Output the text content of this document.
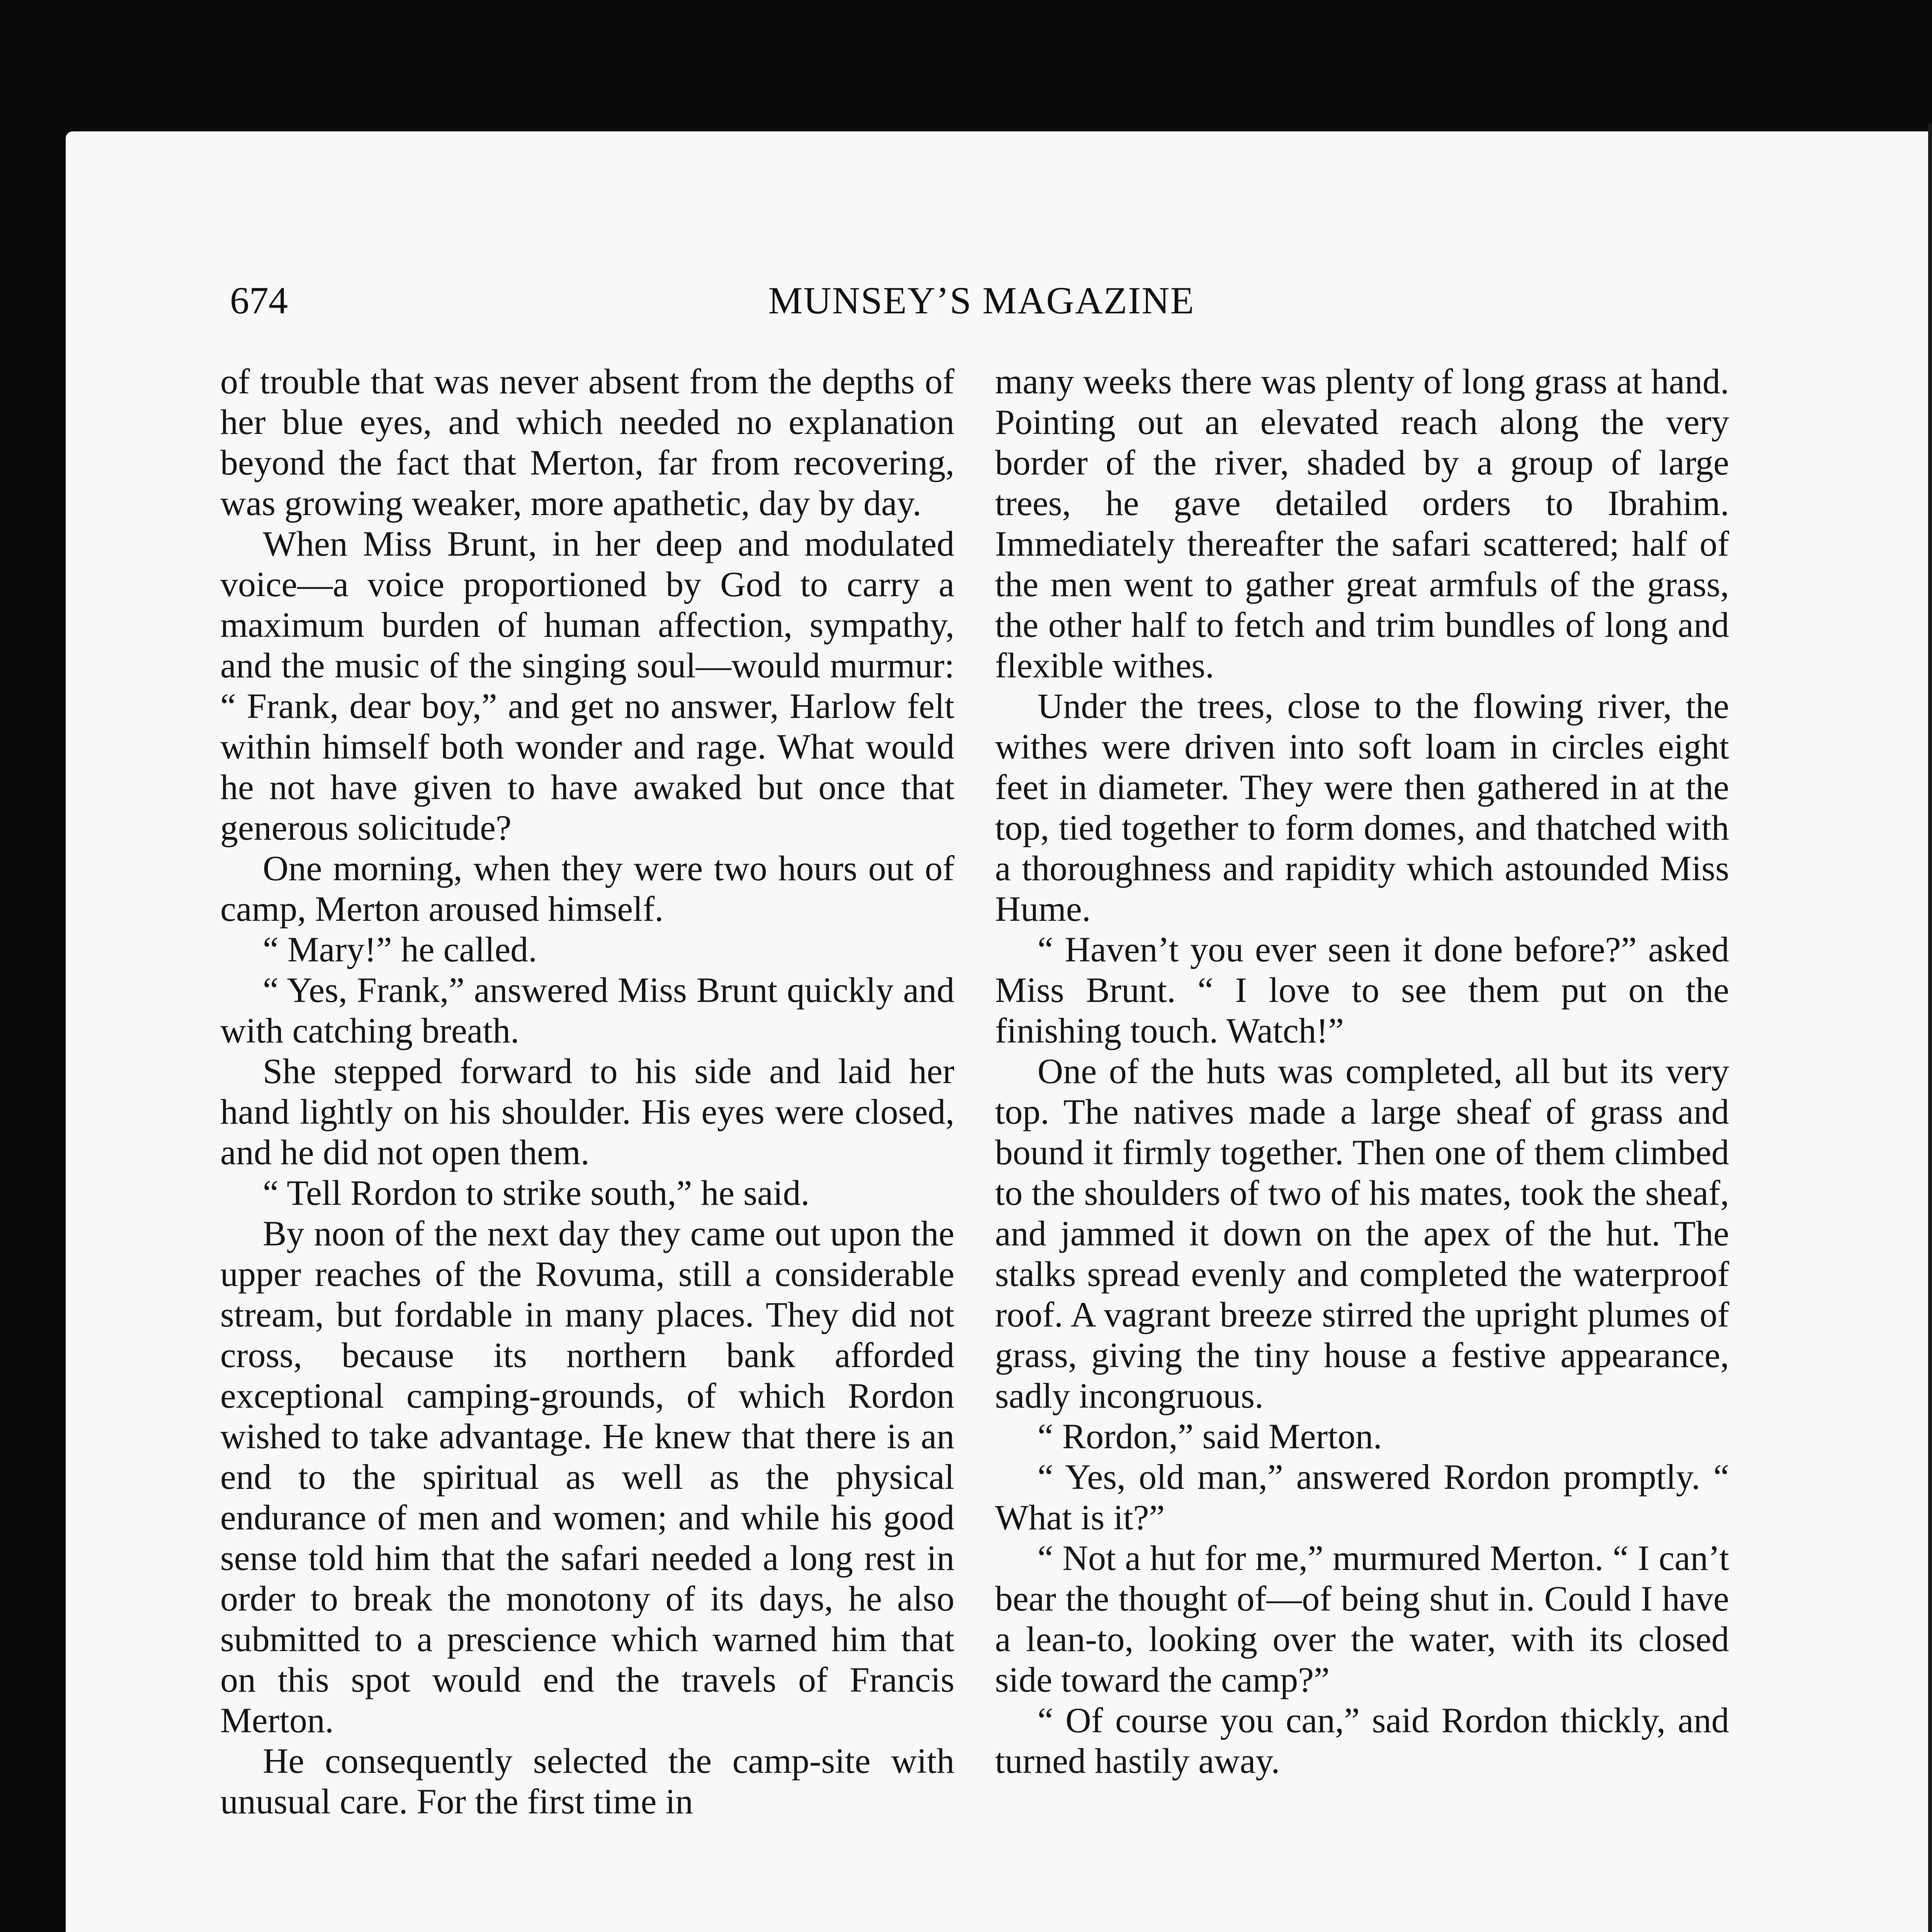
674	MUNSEY’S MAGAZINE

of trouble that was never absent from the depths of her blue eyes, and which needed no explanation beyond the fact that Merton, far from recovering, was growing weaker, more apathetic, day by day.

When Miss Brunt, in her deep and modulated voice—a voice proportioned by God to carry a maximum burden of human affection, sympathy, and the music of the singing soul—would murmur: “ Frank, dear boy,” and get no answer, Harlow felt within himself both wonder and rage. What would he not have given to have awaked but once that generous solicitude?

One morning, when they were two hours out of camp, Merton aroused himself.

“ Mary!” he called.

“ Yes, Frank,” answered Miss Brunt quickly and with catching breath.

She stepped forward to his side and laid her hand lightly on his shoulder. His eyes were closed, and he did not open them.

“ Tell Rordon to strike south,” he said.

By noon of the next day they came out upon the upper reaches of the Rovuma, still a considerable stream, but fordable in many places. They did not cross, because its northern bank afforded exceptional camping-grounds, of which Rordon wished to take advantage. He knew that there is an end to the spiritual as well as the physical endurance of men and women; and while his good sense told him that the safari needed a long rest in order to break the monotony of its days, he also submitted to a prescience which warned him that on this spot would end the travels of Francis Merton.

He consequently selected the camp-site with unusual care. For the first time in

many weeks there was plenty of long grass at hand. Pointing out an elevated reach along the very border of the river, shaded by a group of large trees, he gave detailed orders to Ibrahim. Immediately thereafter the safari scattered; half of the men went to gather great armfuls of the grass, the other half to fetch and trim bundles of long and flexible withes.

Under the trees, close to the flowing river, the withes were driven into soft loam in circles eight feet in diameter. They were then gathered in at the top, tied together to form domes, and thatched with a thoroughness and rapidity which astounded Miss Hume.

“ Haven’t you ever seen it done before?” asked Miss Brunt. “ I love to see them put on the finishing touch. Watch!”

One of the huts was completed, all but its very top. The natives made a large sheaf of grass and bound it firmly together. Then one of them climbed to the shoulders of two of his mates, took the sheaf, and jammed it down on the apex of the hut. The stalks spread evenly and completed the waterproof roof. A vagrant breeze stirred the upright plumes of grass, giving the tiny house a festive appearance, sadly incongruous.

“ Rordon,” said Merton.

“ Yes, old man,” answered Rordon promptly. “ What is it?”

“ Not a hut for me,” murmured Merton. “ I can’t bear the thought of—of being shut in. Could I have a lean-to, looking over the water, with its closed side toward the camp?”

“ Of course you can,” said Rordon thickly, and turned hastily away.
